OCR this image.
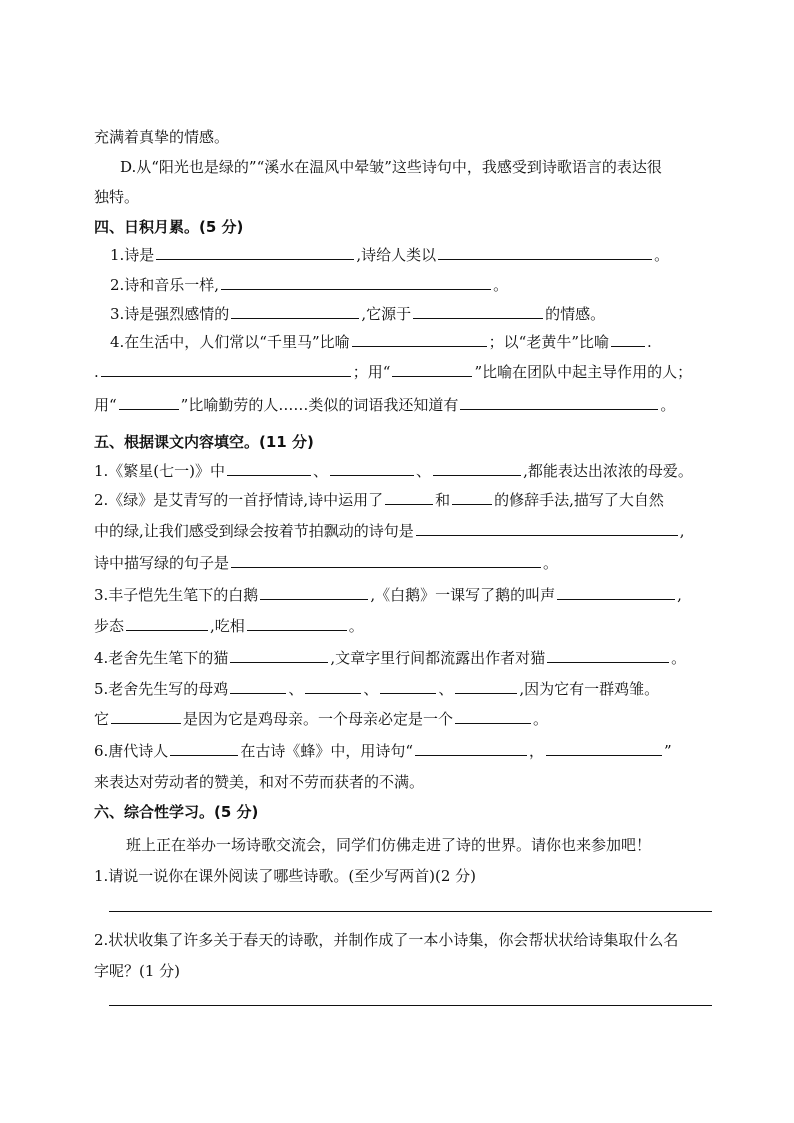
充满着真挚的情感。
D.从“阳光也是绿的”“溪水在温风中晕皱”这些诗句中，我感受到诗歌语言的表达很
独特。
四、日积月累。(5 分)
1.诗是	,诗给人类以	。
2.诗和音乐一样,	。
3.诗是强烈感情的	,它源于	的情感。
4.在生活中，人们常以“千里马”比喻	；以“老黄牛”比喻	.
.	；用“	”比喻在团队中起主导作用的人；
用“	”比喻勤劳的人……类似的词语我还知道有	。
五、根据课文内容填空。(11 分)
1.《繁星(七一)》中	、	、	,都能表达出浓浓的母爱。
2.《绿》是艾青写的一首抒情诗,诗中运用了	和	的修辞手法,描写了大自然
中的绿,让我们感受到绿会按着节拍飘动的诗句是	,
诗中描写绿的句子是	。
3.丰子恺先生笔下的白鹅	,《白鹅》一课写了鹅的叫声	,
步态	,吃相	。
4.老舍先生笔下的猫	,文章字里行间都流露出作者对猫	。
5.老舍先生写的母鸡	、	、	、	,因为它有一群鸡雏。
它	是因为它是鸡母亲。一个母亲必定是一个	。
6.唐代诗人	在古诗《蜂》中，用诗句“	，	”
来表达对劳动者的赞美，和对不劳而获者的不满。
六、综合性学习。(5 分)
班上正在举办一场诗歌交流会，同学们仿佛走进了诗的世界。请你也来参加吧！
1.请说一说你在课外阅读了哪些诗歌。(至少写两首)(2 分)
2.状状收集了许多关于春天的诗歌，并制作成了一本小诗集，你会帮状状给诗集取什么名
字呢？(1 分)
